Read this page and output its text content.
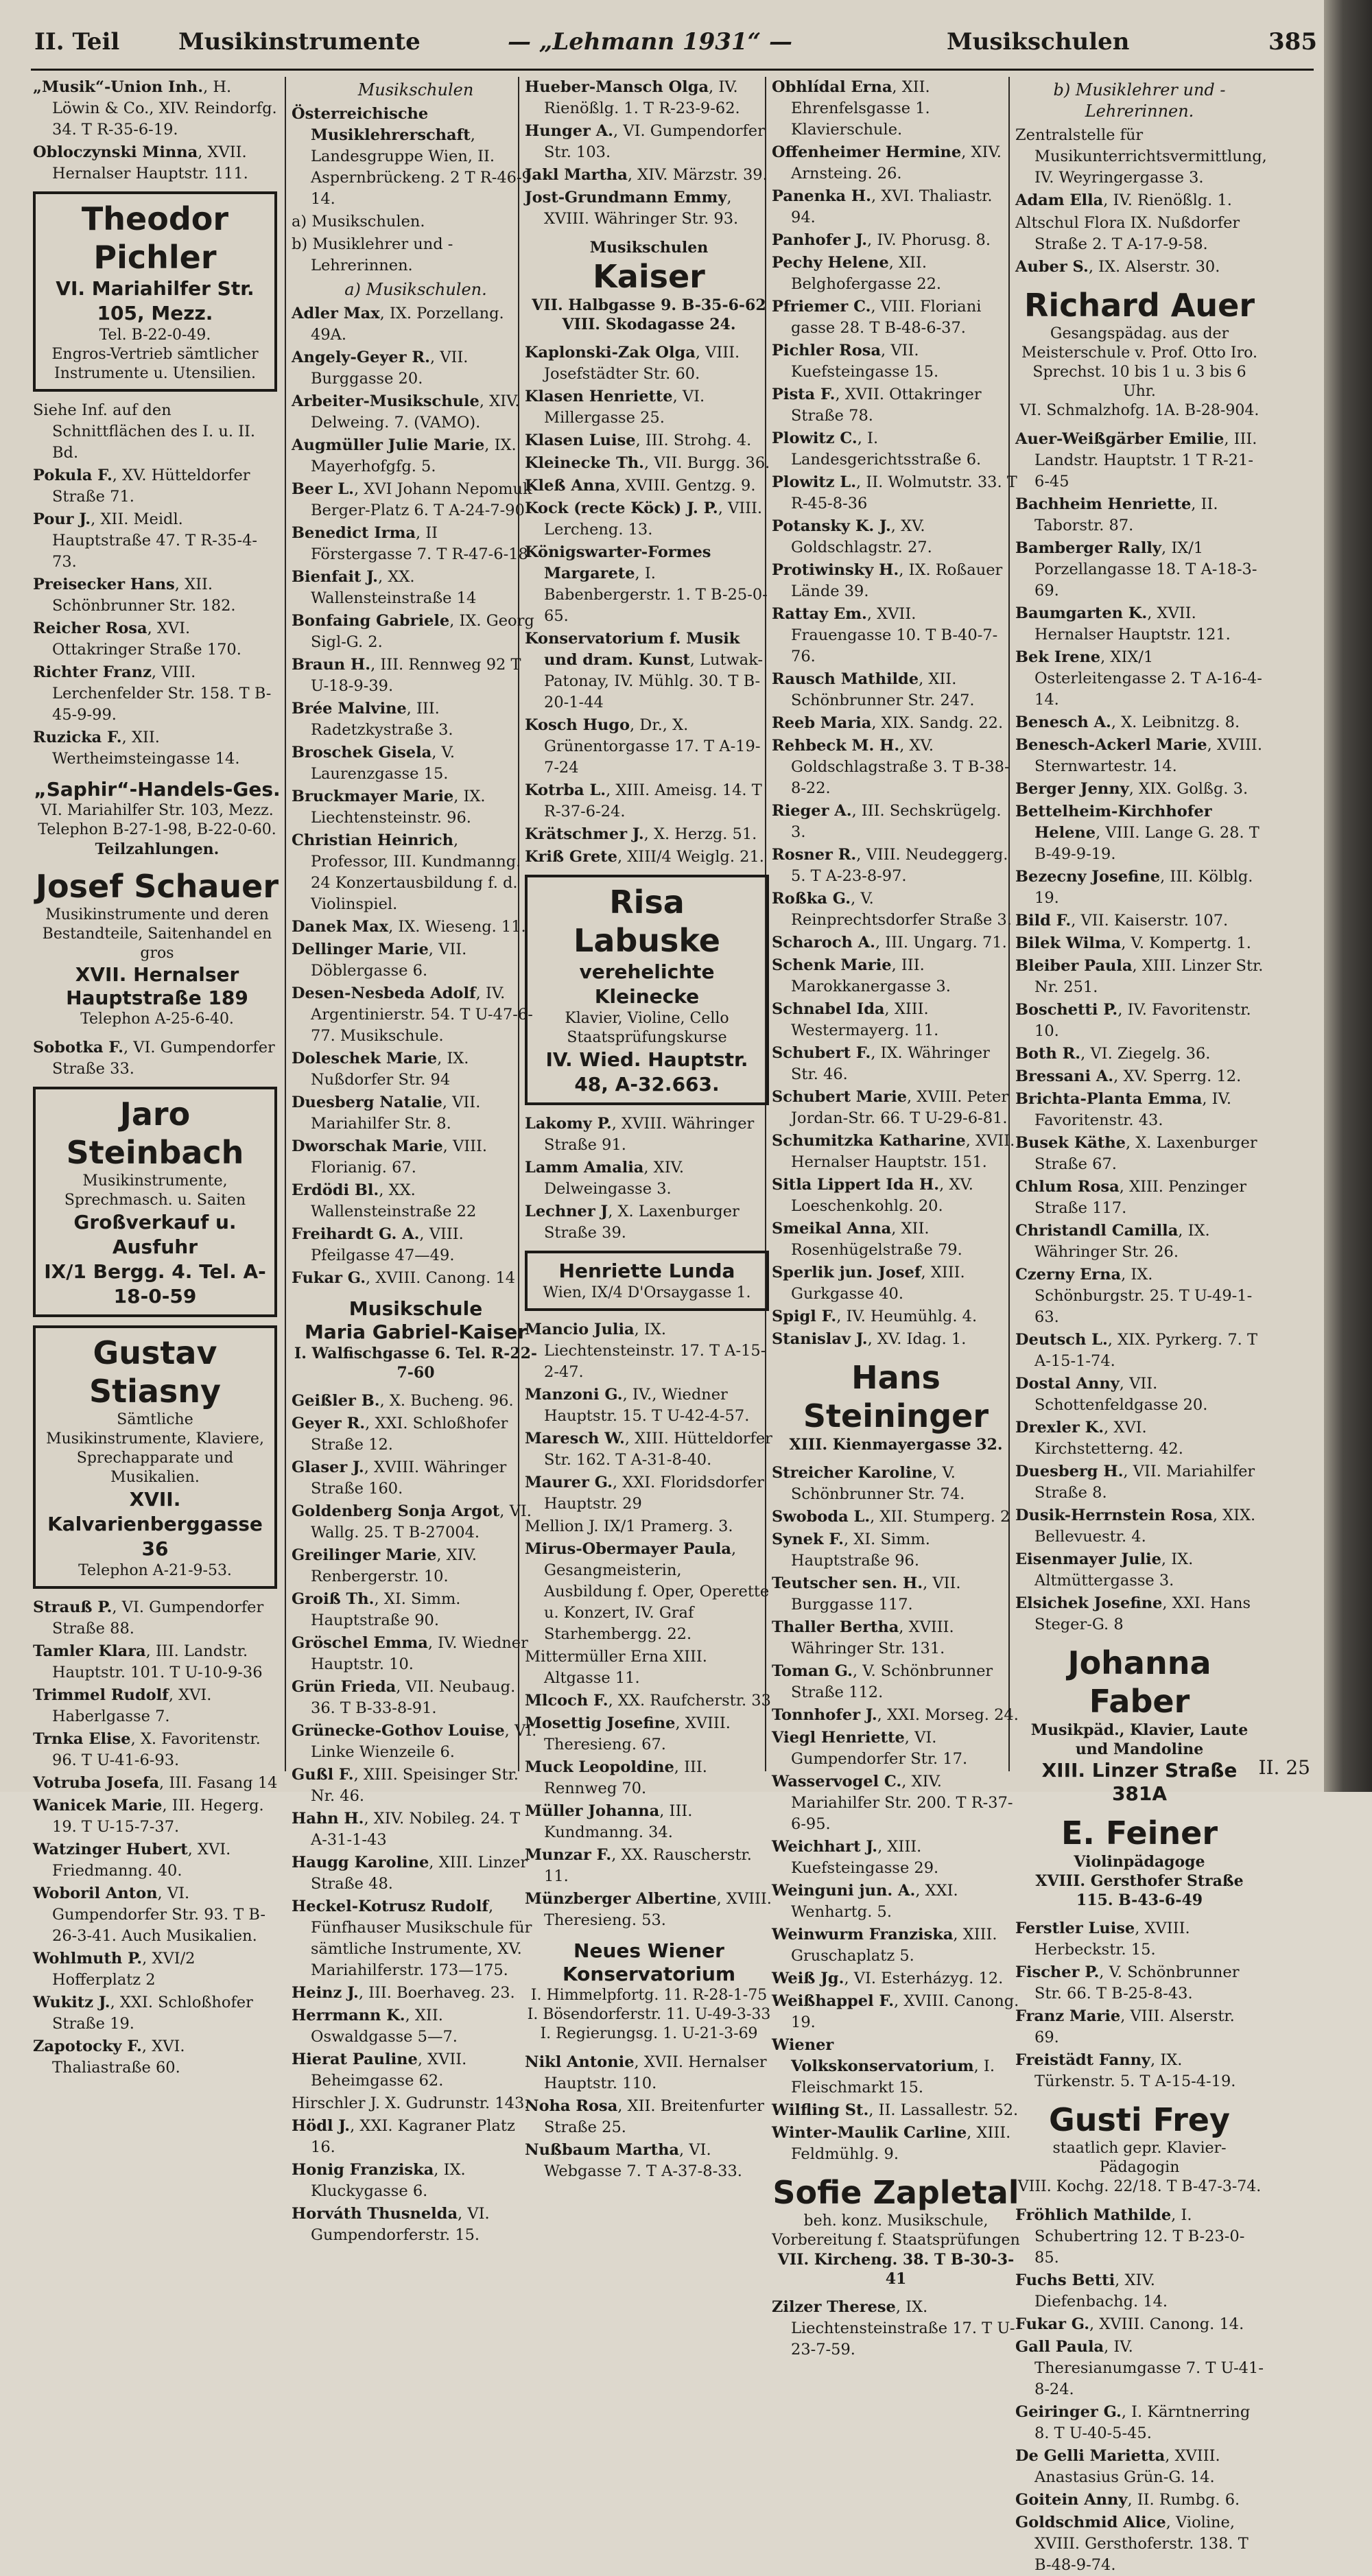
II. Teil	Musikinstrumente	— „Lehmann 1931“ —	Musikschulen	385

„Musik“-Union Inh., H. Löwin & Co., XIV. Reindorfg. 34. T R-35-6-19.

Obloczynski Minna, XVII. Hernalser Hauptstr. 111.

Theodor Pichler
VI. Mariahilfer Str. 105, Mezz.
Tel. B-22-0-49.
Engros-Vertrieb sämtlicher Instrumente u. Utensilien.

Siehe Inf. auf den Schnittflächen des I. u. II. Bd.

Pokula F., XV. Hütteldorfer Straße 71.

Pour J., XII. Meidl. Hauptstraße 47. T R-35-4-73.

Preisecker Hans, XII. Schönbrunner Str. 182.

Reicher Rosa, XVI. Ottakringer Straße 170.

Richter Franz, VIII. Lerchenfelder Str. 158. T B-45-9-99.

Ruzicka F., XII. Wertheimsteingasse 14.

„Saphir“-Handels-Ges.
VI. Mariahilfer Str. 103, Mezz.
Telephon B-27-1-98, B-22-0-60.
Teilzahlungen.
Josef Schauer
Musikinstrumente und deren Bestandteile, Saitenhandel en gros
XVII. Hernalser Hauptstraße 189
Telephon A-25-6-40.

Sobotka F., VI. Gumpendorfer Straße 33.

Jaro Steinbach
Musikinstrumente, Sprechmasch. u. Saiten
Großverkauf u. Ausfuhr
IX/1 Bergg. 4. Tel. A-18-0-59
Gustav Stiasny
Sämtliche Musikinstrumente, Klaviere, Sprechapparate und Musikalien.
XVII. Kalvarienberggasse 36
Telephon A-21-9-53.

Strauß P., VI. Gumpendorfer Straße 88.

Tamler Klara, III. Landstr. Hauptstr. 101. T U-10-9-36

Trimmel Rudolf, XVI. Haberlgasse 7.

Trnka Elise, X. Favoritenstr. 96. T U-41-6-93.

Votruba Josefa, III. Fasang 14

Wanicek Marie, III. Hegerg. 19. T U-15-7-37.

Watzinger Hubert, XVI. Friedmanng. 40.

Woboril Anton, VI. Gumpendorfer Str. 93. T B-26-3-41. Auch Musikalien.

Wohlmuth P., XVI/2 Hofferplatz 2

Wukitz J., XXI. Schloßhofer Straße 19.

Zapotocky F., XVI. Thaliastraße 60.

Musikschulen

Österreichische Musiklehrerschaft, Landesgruppe Wien, II. Aspernbrückeng. 2 T R-46-9-14.

a) Musikschulen.

b) Musiklehrer und -Lehrerinnen.

a) Musikschulen.

Adler Max, IX. Porzellang. 49A.

Angely-Geyer R., VII. Burggasse 20.

Arbeiter-Musikschule, XIV. Delweing. 7. (VAMO).

Augmüller Julie Marie, IX. Mayerhofgfg. 5.

Beer L., XVI Johann Nepomuk Berger-Platz 6. T A-24-7-90

Benedict Irma, II Förstergasse 7. T R-47-6-18

Bienfait J., XX. Wallensteinstraße 14

Bonfaing Gabriele, IX. Georg Sigl-G. 2.

Braun H., III. Rennweg 92 T U-18-9-39.

Brée Malvine, III. Radetzkystraße 3.

Broschek Gisela, V. Laurenzgasse 15.

Bruckmayer Marie, IX. Liechtensteinstr. 96.

Christian Heinrich, Professor, III. Kundmanng. 24 Konzertausbildung f. d. Violinspiel.

Danek Max, IX. Wieseng. 11.

Dellinger Marie, VII. Döblergasse 6.

Desen-Nesbeda Adolf, IV. Argentinierstr. 54. T U-47-6-77. Musikschule.

Doleschek Marie, IX. Nußdorfer Str. 94

Duesberg Natalie, VII. Mariahilfer Str. 8.

Dworschak Marie, VIII. Florianig. 67.

Erdödi Bl., XX. Wallensteinstraße 22

Freihardt G. A., VIII. Pfeilgasse 47—49.

Fukar G., XVIII. Canong. 14

Musikschule
Maria Gabriel-Kaiser
I. Walfischgasse 6. Tel. R-22-7-60

Geißler B., X. Bucheng. 96.

Geyer R., XXI. Schloßhofer Straße 12.

Glaser J., XVIII. Währinger Straße 160.

Goldenberg Sonja Argot, VI. Wallg. 25. T B-27004.

Greilinger Marie, XIV. Renbergerstr. 10.

Groiß Th., XI. Simm. Hauptstraße 90.

Gröschel Emma, IV. Wiedner Hauptstr. 10.

Grün Frieda, VII. Neubaug. 36. T B-33-8-91.

Grünecke-Gothov Louise, VI. Linke Wienzeile 6.

Gußl F., XIII. Speisinger Str. Nr. 46.

Hahn H., XIV. Nobileg. 24. T A-31-1-43

Haugg Karoline, XIII. Linzer Straße 48.

Heckel-Kotrusz Rudolf, Fünfhauser Musikschule für sämtliche Instrumente, XV. Mariahilferstr. 173—175.

Heinz J., III. Boerhaveg. 23.

Herrmann K., XII. Oswaldgasse 5—7.

Hierat Pauline, XVII. Beheimgasse 62.

Hirschler J. X. Gudrunstr. 143.

Hödl J., XXI. Kagraner Platz 16.

Honig Franziska, IX. Kluckygasse 6.

Horváth Thusnelda, VI. Gumpendorferstr. 15.

Hueber-Mansch Olga, IV. Rienößlg. 1. T R-23-9-62.

Hunger A., VI. Gumpendorfer Str. 103.

Jakl Martha, XIV. Märzstr. 39.

Jost-Grundmann Emmy, XVIII. Währinger Str. 93.

Musikschulen
Kaiser
VII. Halbgasse 9. B-35-6-62
VIII. Skodagasse 24.

Kaplonski-Zak Olga, VIII. Josefstädter Str. 60.

Klasen Henriette, VI. Millergasse 25.

Klasen Luise, III. Strohg. 4.

Kleinecke Th., VII. Burgg. 36.

Kleß Anna, XVIII. Gentzg. 9.

Kock (recte Köck) J. P., VIII. Lercheng. 13.

Königswarter-Formes Margarete, I. Babenbergerstr. 1. T B-25-0-65.

Konservatorium f. Musik und dram. Kunst, Lutwak-Patonay, IV. Mühlg. 30. T B-20-1-44

Kosch Hugo, Dr., X. Grünentorgasse 17. T A-19-7-24

Kotrba L., XIII. Ameisg. 14. T R-37-6-24.

Krätschmer J., X. Herzg. 51.

Kriß Grete, XIII/4 Weiglg. 21.

Risa Labuske
verehelichte Kleinecke
Klavier, Violine, Cello Staatsprüfungskurse
IV. Wied. Hauptstr. 48, A-32.663.

Lakomy P., XVIII. Währinger Straße 91.

Lamm Amalia, XIV. Delweingasse 3.

Lechner J, X. Laxenburger Straße 39.

Henriette Lunda
Wien, IX/4 D'Orsaygasse 1.

Mancio Julia, IX. Liechtensteinstr. 17. T A-15-2-47.

Manzoni G., IV., Wiedner Hauptstr. 15. T U-42-4-57.

Maresch W., XIII. Hütteldorfer Str. 162. T A-31-8-40.

Maurer G., XXI. Floridsdorfer Hauptstr. 29

Mellion J. IX/1 Pramerg. 3.

Mirus-Obermayer Paula, Gesangmeisterin, Ausbildung f. Oper, Operette u. Konzert, IV. Graf Starhembergg. 22.

Mittermüller Erna XIII. Altgasse 11.

Mlcoch F., XX. Raufcherstr. 33

Mosettig Josefine, XVIII. Theresieng. 67.

Muck Leopoldine, III. Rennweg 70.

Müller Johanna, III. Kundmanng. 34.

Munzar F., XX. Rauscherstr. 11.

Münzberger Albertine, XVIII. Theresieng. 53.

Neues Wiener Konservatorium
I. Himmelpfortg. 11. R-28-1-75
I. Bösendorferstr. 11. U-49-3-33
I. Regierungsg. 1. U-21-3-69

Nikl Antonie, XVII. Hernalser Hauptstr. 110.

Noha Rosa, XII. Breitenfurter Straße 25.

Nußbaum Martha, VI. Webgasse 7. T A-37-8-33.

Obhlídal Erna, XII. Ehrenfelsgasse 1. Klavierschule.

Offenheimer Hermine, XIV. Arnsteing. 26.

Panenka H., XVI. Thaliastr. 94.

Panhofer J., IV. Phorusg. 8.

Pechy Helene, XII. Belghofergasse 22.

Pfriemer C., VIII. Floriani gasse 28. T B-48-6-37.

Pichler Rosa, VII. Kuefsteingasse 15.

Pista F., XVII. Ottakringer Straße 78.

Plowitz C., I. Landesgerichtsstraße 6.

Plowitz L., II. Wolmutstr. 33. T R-45-8-36

Potansky K. J., XV. Goldschlagstr. 27.

Protiwinsky H., IX. Roßauer Lände 39.

Rattay Em., XVII. Frauengasse 10. T B-40-7-76.

Rausch Mathilde, XII. Schönbrunner Str. 247.

Reeb Maria, XIX. Sandg. 22.

Rehbeck M. H., XV. Goldschlagstraße 3. T B-38-8-22.

Rieger A., III. Sechskrügelg. 3.

Rosner R., VIII. Neudeggerg. 5. T A-23-8-97.

Roßka G., V. Reinprechtsdorfer Straße 3.

Scharoch A., III. Ungarg. 71.

Schenk Marie, III. Marokkanergasse 3.

Schnabel Ida, XIII. Westermayerg. 11.

Schubert F., IX. Währinger Str. 46.

Schubert Marie, XVIII. Peter Jordan-Str. 66. T U-29-6-81.

Schumitzka Katharine, XVII. Hernalser Hauptstr. 151.

Sitla Lippert Ida H., XV. Loeschenkohlg. 20.

Smeikal Anna, XII. Rosenhügelstraße 79.

Sperlik jun. Josef, XIII. Gurkgasse 40.

Spigl F., IV. Heumühlg. 4.

Stanislav J., XV. Idag. 1.

Hans Steininger
XIII. Kienmayergasse 32.

Streicher Karoline, V. Schönbrunner Str. 74.

Swoboda L., XII. Stumperg. 2

Synek F., XI. Simm. Hauptstraße 96.

Teutscher sen. H., VII. Burggasse 117.

Thaller Bertha, XVIII. Währinger Str. 131.

Toman G., V. Schönbrunner Straße 112.

Tonnhofer J., XXI. Morseg. 24.

Viegl Henriette, VI. Gumpendorfer Str. 17.

Wasservogel C., XIV. Mariahilfer Str. 200. T R-37-6-95.

Weichhart J., XIII. Kuefsteingasse 29.

Weinguni jun. A., XXI. Wenhartg. 5.

Weinwurm Franziska, XIII. Gruschaplatz 5.

Weiß Jg., VI. Esterházyg. 12.

Weißhappel F., XVIII. Canong. 19.

Wiener Volkskonservatorium, I. Fleischmarkt 15.

Wilfling St., II. Lassallestr. 52.

Winter-Maulik Carline, XIII. Feldmühlg. 9.

Sofie Zapletal
beh. konz. Musikschule, Vorbereitung f. Staatsprüfungen
VII. Kircheng. 38. T B-30-3-41

Zilzer Therese, IX. Liechtensteinstraße 17. T U-23-7-59.

b) Musiklehrer und -Lehrerinnen.

Zentralstelle für Musikunterrichtsvermittlung, IV. Weyringergasse 3.

Adam Ella, IV. Rienößlg. 1.

Altschul Flora IX. Nußdorfer Straße 2. T A-17-9-58.

Auber S., IX. Alserstr. 30.

Richard Auer
Gesangspädag. aus der Meisterschule v. Prof. Otto Iro. Sprechst. 10 bis 1 u. 3 bis 6 Uhr.
VI. Schmalzhofg. 1A. B-28-904.

Auer-Weißgärber Emilie, III. Landstr. Hauptstr. 1 T R-21-6-45

Bachheim Henriette, II. Taborstr. 87.

Bamberger Rally, IX/1 Porzellangasse 18. T A-18-3-69.

Baumgarten K., XVII. Hernalser Hauptstr. 121.

Bek Irene, XIX/1 Osterleitengasse 2. T A-16-4-14.

Benesch A., X. Leibnitzg. 8.

Benesch-Ackerl Marie, XVIII. Sternwartestr. 14.

Berger Jenny, XIX. Golßg. 3.

Bettelheim-Kirchhofer Helene, VIII. Lange G. 28. T B-49-9-19.

Bezecny Josefine, III. Kölblg. 19.

Bild F., VII. Kaiserstr. 107.

Bilek Wilma, V. Kompertg. 1.

Bleiber Paula, XIII. Linzer Str. Nr. 251.

Boschetti P., IV. Favoritenstr. 10.

Both R., VI. Ziegelg. 36.

Bressani A., XV. Sperrg. 12.

Brichta-Planta Emma, IV. Favoritenstr. 43.

Busek Käthe, X. Laxenburger Straße 67.

Chlum Rosa, XIII. Penzinger Straße 117.

Christandl Camilla, IX. Währinger Str. 26.

Czerny Erna, IX. Schönburgstr. 25. T U-49-1-63.

Deutsch L., XIX. Pyrkerg. 7. T A-15-1-74.

Dostal Anny, VII. Schottenfeldgasse 20.

Drexler K., XVI. Kirchstetterng. 42.

Duesberg H., VII. Mariahilfer Straße 8.

Dusik-Herrnstein Rosa, XIX. Bellevuestr. 4.

Eisenmayer Julie, IX. Altmüttergasse 3.

Elsichek Josefine, XXI. Hans Steger-G. 8

Johanna Faber
Musikpäd., Klavier, Laute und Mandoline
XIII. Linzer Straße 381A
E. Feiner
Violinpädagoge
XVIII. Gersthofer Straße 115. B-43-6-49

Ferstler Luise, XVIII. Herbeckstr. 15.

Fischer P., V. Schönbrunner Str. 66. T B-25-8-43.

Franz Marie, VIII. Alserstr. 69.

Freistädt Fanny, IX. Türkenstr. 5. T A-15-4-19.

Gusti Frey
staatlich gepr. Klavier-Pädagogin
VIII. Kochg. 22/18. T B-47-3-74.

Fröhlich Mathilde, I. Schubertring 12. T B-23-0-85.

Fuchs Betti, XIV. Diefenbachg. 14.

Fukar G., XVIII. Canong. 14.

Gall Paula, IV. Theresianumgasse 7. T U-41-8-24.

Geiringer G., I. Kärntnerring 8. T U-40-5-45.

De Gelli Marietta, XVIII. Anastasius Grün-G. 14.

Goitein Anny, II. Rumbg. 6.

Goldschmid Alice, Violine, XVIII. Gersthoferstr. 138. T B-48-9-74.

II. 25
